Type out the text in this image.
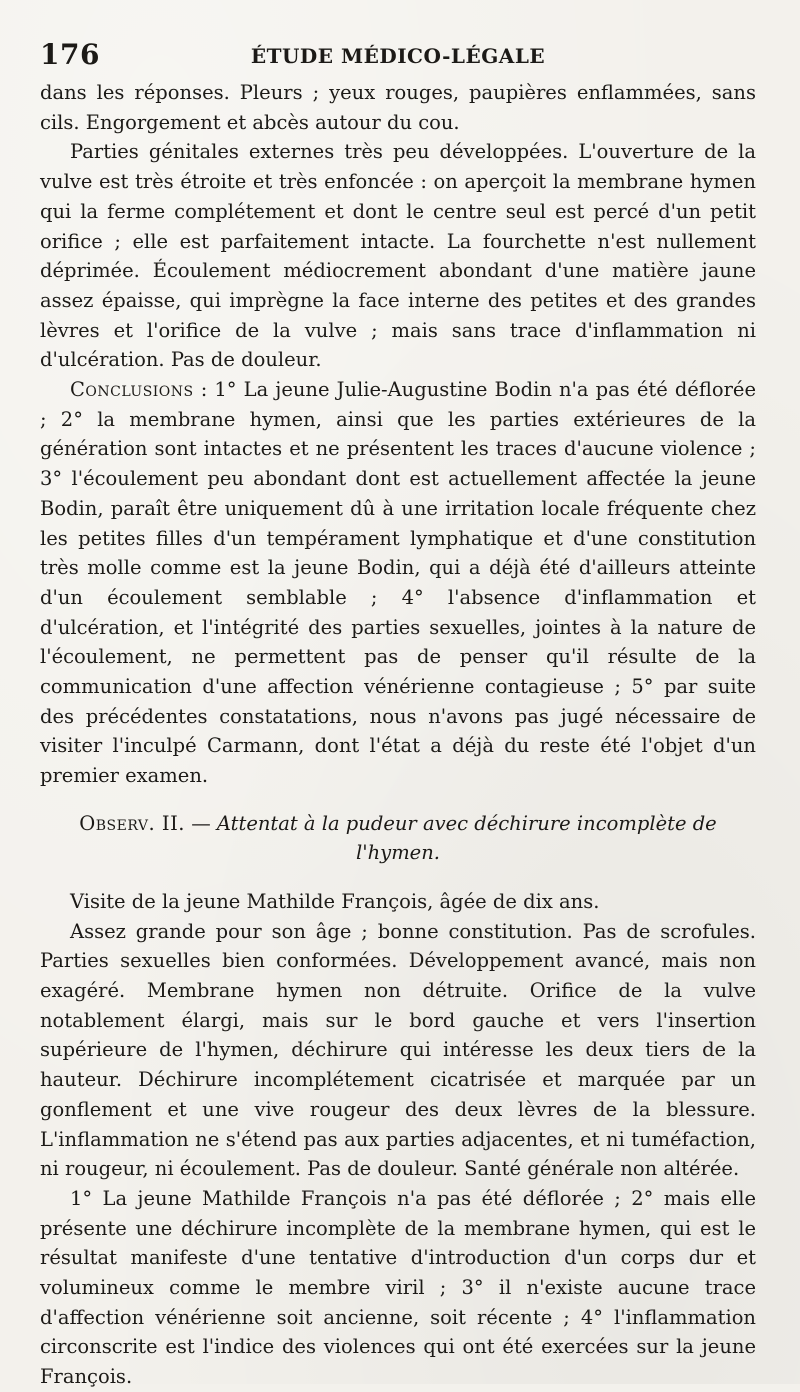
176	ÉTUDE MÉDICO-LÉGALE

dans les réponses. Pleurs ; yeux rouges, paupières enflammées, sans cils. Engorgement et abcès autour du cou.

Parties génitales externes très peu développées. L'ouverture de la vulve est très étroite et très enfoncée : on aperçoit la membrane hymen qui la ferme complétement et dont le centre seul est percé d'un petit orifice ; elle est parfaitement intacte. La fourchette n'est nullement déprimée. Écoulement médiocrement abondant d'une matière jaune assez épaisse, qui imprègne la face interne des petites et des grandes lèvres et l'orifice de la vulve ; mais sans trace d'inflammation ni d'ulcération. Pas de douleur.

Conclusions : 1° La jeune Julie-Augustine Bodin n'a pas été déflorée ; 2° la membrane hymen, ainsi que les parties extérieures de la génération sont intactes et ne présentent les traces d'aucune violence ; 3° l'écoulement peu abondant dont est actuellement affectée la jeune Bodin, paraît être uniquement dû à une irritation locale fréquente chez les petites filles d'un tempérament lymphatique et d'une constitution très molle comme est la jeune Bodin, qui a déjà été d'ailleurs atteinte d'un écoulement semblable ; 4° l'absence d'inflammation et d'ulcération, et l'intégrité des parties sexuelles, jointes à la nature de l'écoulement, ne permettent pas de penser qu'il résulte de la communication d'une affection vénérienne contagieuse ; 5° par suite des précédentes constatations, nous n'avons pas jugé nécessaire de visiter l'inculpé Carmann, dont l'état a déjà du reste été l'objet d'un premier examen.

Observ. II. — Attentat à la pudeur avec déchirure incomplète de l'hymen.

Visite de la jeune Mathilde François, âgée de dix ans.

Assez grande pour son âge ; bonne constitution. Pas de scrofules. Parties sexuelles bien conformées. Développement avancé, mais non exagéré. Membrane hymen non détruite. Orifice de la vulve notablement élargi, mais sur le bord gauche et vers l'insertion supérieure de l'hymen, déchirure qui intéresse les deux tiers de la hauteur. Déchirure incomplétement cicatrisée et marquée par un gonflement et une vive rougeur des deux lèvres de la blessure. L'inflammation ne s'étend pas aux parties adjacentes, et ni tuméfaction, ni rougeur, ni écoulement. Pas de douleur. Santé générale non altérée.

1° La jeune Mathilde François n'a pas été déflorée ; 2° mais elle présente une déchirure incomplète de la membrane hymen, qui est le résultat manifeste d'une tentative d'introduction d'un corps dur et volumineux comme le membre viril ; 3° il n'existe aucune trace d'affection vénérienne soit ancienne, soit récente ; 4° l'inflammation circonscrite est l'indice des violences qui ont été exercées sur la jeune François.
